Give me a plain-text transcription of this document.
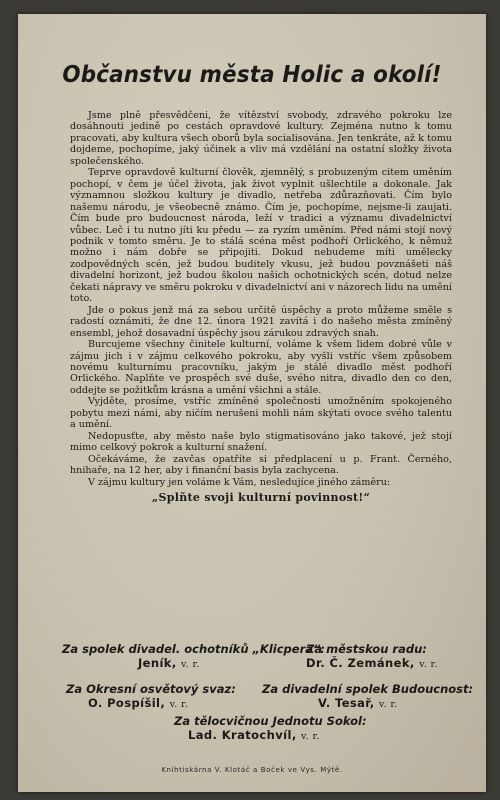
Občanstvu města Holic a okolí!

Jsme plně přesvědčeni, že vítězství svobody, zdravého pokroku lze dosáhnouti jedině po cestách opravdové kultury. Zejména nutno k tomu pracovati, aby kultura všech oborů byla socialisována. Jen tenkráte, až k tomu dojdeme, pochopíme, jaký účinek a vliv má vzdělání na ostatní složky života společenského.

Teprve opravdově kulturní člověk, zjemnělý, s probuzeným citem uměním pochopí, v čem je účel života, jak život vyplnit ušlechtile a dokonale. Jak významnou složkou kultury je divadlo, netřeba zdůrazňovati. Čím bylo našemu národu, je všeobecně známo. Čím je, pochopíme, nejsme-li zaujati. Čím bude pro budoucnost národa, leží v tradici a významu divadelnictví vůbec. Leč i tu nutno jíti ku předu — za ryzím uměním. Před námi stojí nový podnik v tomto směru. Je to stálá scéna měst podhoří Orlického, k němuž možno i nám dobře se připojiti. Dokud nebudeme míti umělecky zodpovědných scén, jež budou buditely vkusu, jež budou povznášeti náš divadelní horizont, jež budou školou našich ochotnických scén, dotud nelze čekati nápravy ve směru pokroku v divadelnictví ani v názorech lidu na umění toto.

Jde o pokus jenž má za sebou určitě úspěchy a proto můžeme směle s radostí oznámiti, že dne 12. února 1921 zavítá i do našeho města zmíněný ensembl, jehož dosavadní úspěchy jsou zárukou zdravých snah.

Burcujeme všechny činitele kulturní, voláme k všem lidem dobré vůle v zájmu jich i v zájmu celkového pokroku, aby vyšli vstříc všem způsobem novému kulturnímu pracovníku, jakým je stálé divadlo měst podhoří Orlického. Naplňte ve prospěch své duše, svého nitra, divadlo den co den, oddejte se požitkům krásna a umění všichni a stále.

Vyjděte, prosíme, vstříc zmíněné společnosti umožněním spokojeného pobytu mezi námi, aby ničím nerušeni mohli nám skýtati ovoce svého talentu a umění.

Nedopusťte, aby město naše bylo stigmatisováno jako takové, jež stojí mimo celkový pokrok a kulturní snažení.

Očekáváme, že zavčas opatříte si předplacení u p. Frant. Černého, hnihaře, na 12 her, aby i finanční basis byla zachycena.

V zájmu kultury jen voláme k Vám, nesledujíce jiného záměru:

„Splňte svoji kulturní povinnost!“
Za spolek divadel. ochotníků „Klicpera“:
Jeník, v. r.
Za městskou radu:
Dr. Č. Zemánek, v. r.
Za Okresní osvětový svaz:
O. Pospíšil, v. r.
Za divadelní spolek Budoucnost:
V. Tesař, v. r.
Za tělocvičnou Jednotu Sokol:
Lad. Kratochvíl, v. r.
Knihtiskárna V. Klotáč a Boček ve Vys. Mýtě.
